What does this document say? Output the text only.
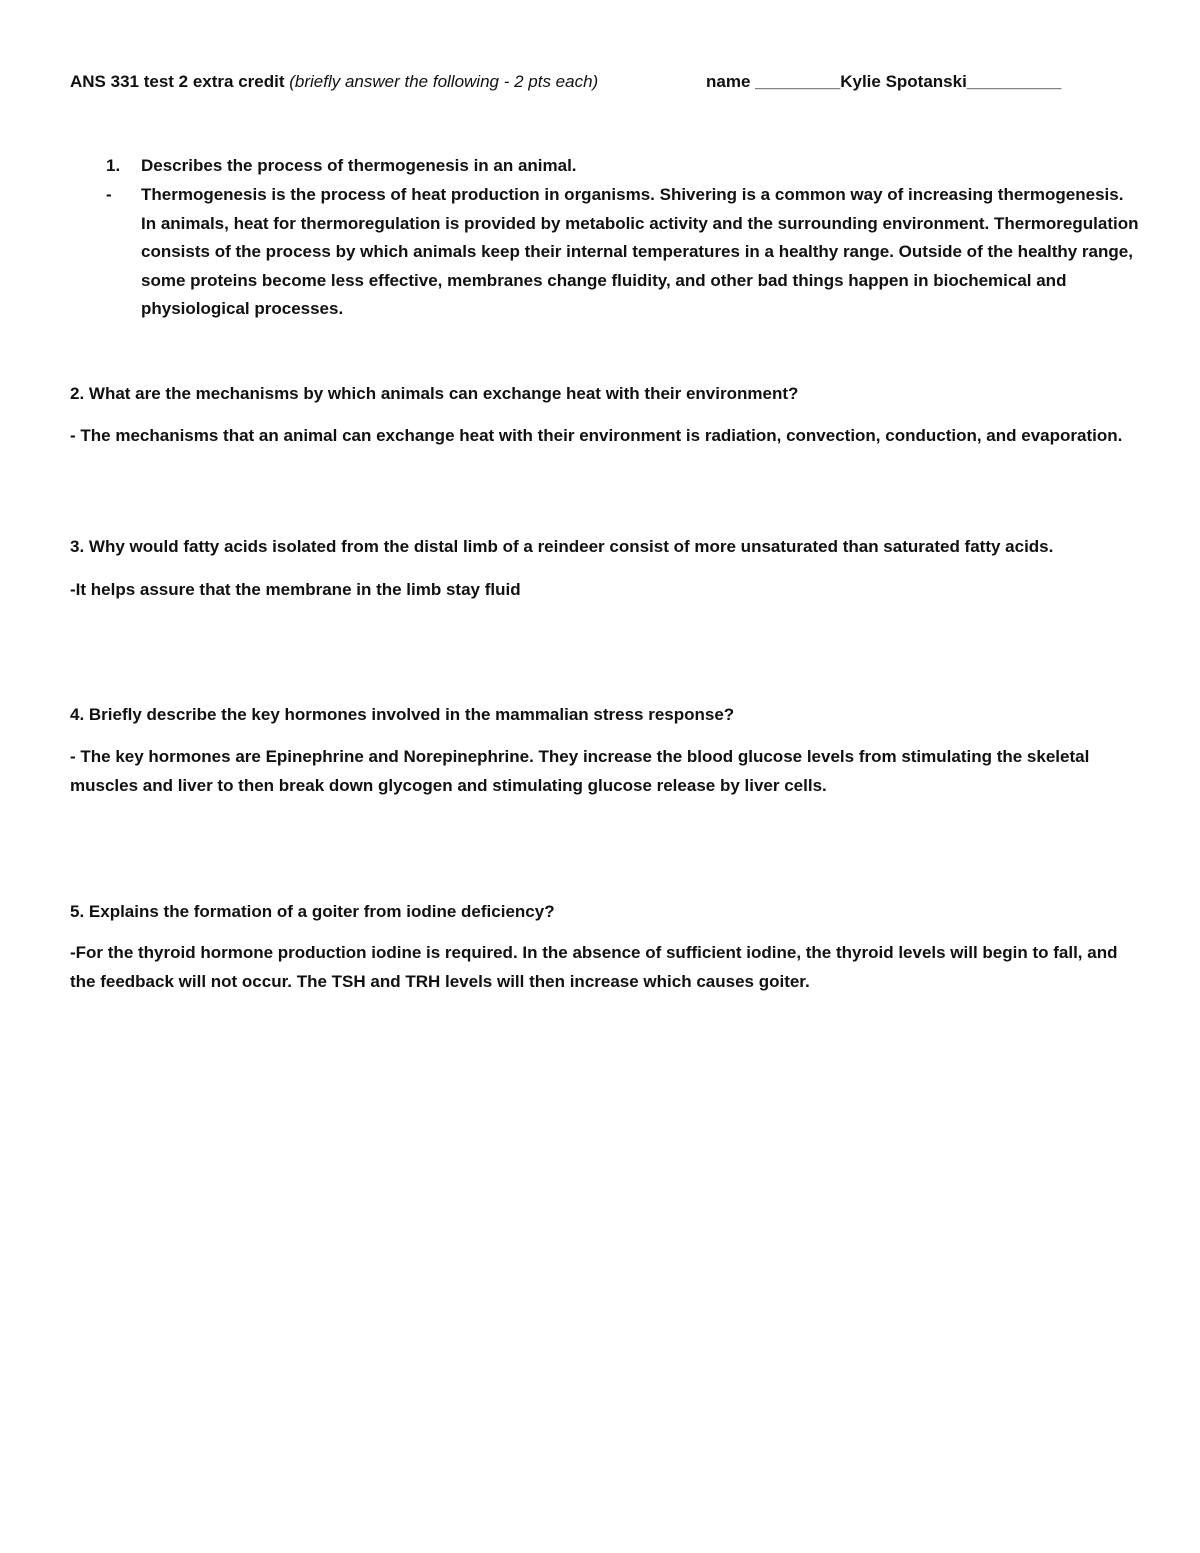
ANS 331 test 2 extra credit (briefly answer the following - 2 pts each)	name _________Kylie Spotanski__________
1. Describes the process of thermogenesis in an animal.
- Thermogenesis is the process of heat production in organisms. Shivering is a common way of increasing thermogenesis. In animals, heat for thermoregulation is provided by metabolic activity and the surrounding environment. Thermoregulation consists of the process by which animals keep their internal temperatures in a healthy range. Outside of the healthy range, some proteins become less effective, membranes change fluidity, and other bad things happen in biochemical and physiological processes.
2. What are the mechanisms by which animals can exchange heat with their environment?
- The mechanisms that an animal can exchange heat with their environment is radiation, convection, conduction, and evaporation.
3. Why would fatty acids isolated from the distal limb of a reindeer consist of more unsaturated than saturated fatty acids.
-It helps assure that the membrane in the limb stay fluid
4. Briefly describe the key hormones involved in the mammalian stress response?
- The key hormones are Epinephrine and Norepinephrine. They increase the blood glucose levels from stimulating the skeletal muscles and liver to then break down glycogen and stimulating glucose release by liver cells.
5. Explains the formation of a goiter from iodine deficiency?
-For the thyroid hormone production iodine is required. In the absence of sufficient iodine, the thyroid levels will begin to fall, and the feedback will not occur. The TSH and TRH levels will then increase which causes goiter.
